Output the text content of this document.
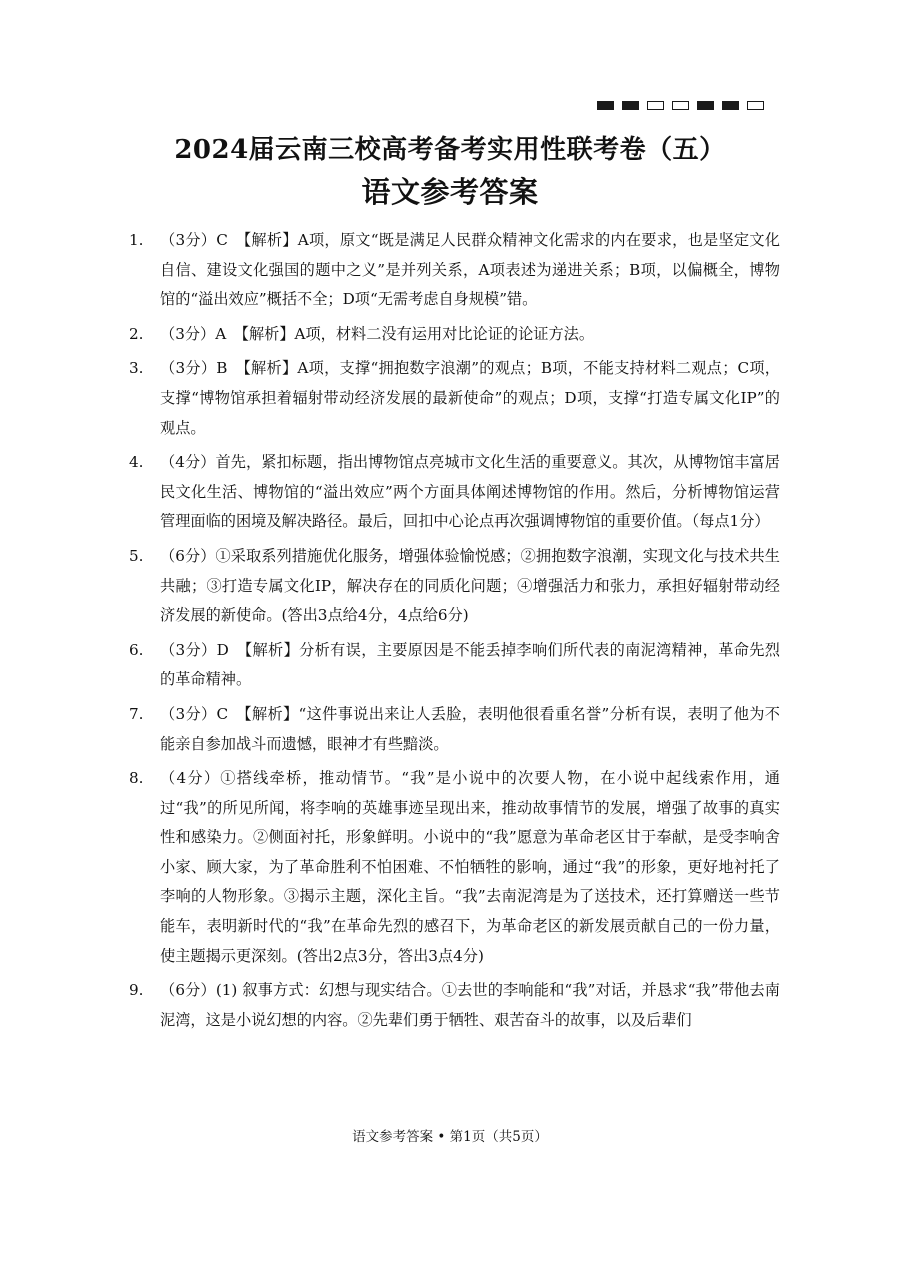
2024届云南三校高考备考实用性联考卷（五）
语文参考答案
1. （3分）C　【解析】A项，原文“既是满足人民群众精神文化需求的内在要求，也是坚定文化自信、建设文化强国的题中之义”是并列关系，A项表述为递进关系；B项，以偏概全，博物馆的“溢出效应”概括不全；D项“无需考虑自身规模”错。
2. （3分）A　【解析】A项，材料二没有运用对比论证的论证方法。
3. （3分）B　【解析】A项，支撑“拥抱数字浪潮”的观点；B项，不能支持材料二观点；C项，支撑“博物馆承担着辐射带动经济发展的最新使命”的观点；D项，支撑“打造专属文化IP”的观点。
4. （4分）首先，紧扣标题，指出博物馆点亮城市文化生活的重要意义。其次，从博物馆丰富居民文化生活、博物馆的“溢出效应”两个方面具体阐述博物馆的作用。然后，分析博物馆运营管理面临的困境及解决路径。最后，回扣中心论点再次强调博物馆的重要价值。（每点1分）
5. （6分）①采取系列措施优化服务，增强体验愉悦感；②拥抱数字浪潮，实现文化与技术共生共融；③打造专属文化IP，解决存在的同质化问题；④增强活力和张力，承担好辐射带动经济发展的新使命。(答出3点给4分，4点给6分)
6. （3分）D　【解析】分析有误，主要原因是不能丢掉李响们所代表的南泥湾精神，革命先烈的革命精神。
7. （3分）C　【解析】“这件事说出来让人丢脸，表明他很看重名誉”分析有误，表明了他为不能亲自参加战斗而遗憾，眼神才有些黯淡。
8. （4分）①搭线牵桥，推动情节。“我”是小说中的次要人物，在小说中起线索作用，通过“我”的所见所闻，将李响的英雄事迹呈现出来，推动故事情节的发展，增强了故事的真实性和感染力。②侧面衬托，形象鲜明。小说中的“我”愿意为革命老区甘于奉献，是受李响舍小家、顾大家，为了革命胜利不怕困难、不怕牺牲的影响，通过“我”的形象，更好地衬托了李响的人物形象。③揭示主题，深化主旨。“我”去南泥湾是为了送技术，还打算赠送一些节能车，表明新时代的“我”在革命先烈的感召下，为革命老区的新发展贡献自己的一份力量，使主题揭示更深刻。(答出2点3分，答出3点4分)
9. （6分）(1) 叙事方式：幻想与现实结合。①去世的李响能和“我”对话，并恳求“我”带他去南泥湾，这是小说幻想的内容。②先辈们勇于牺牲、艰苦奋斗的故事，以及后辈们
语文参考答案 • 第1页（共5页）
